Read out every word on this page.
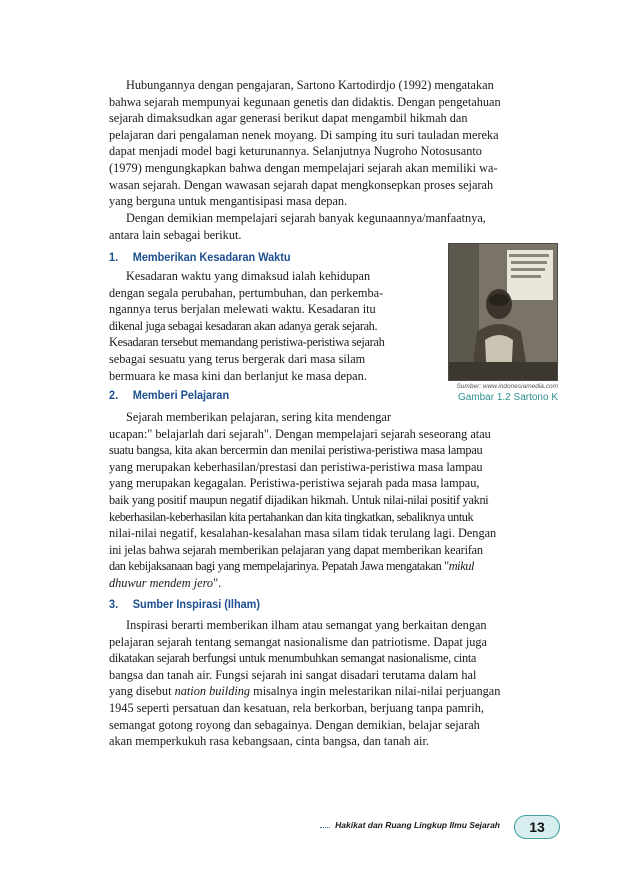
Hubungannya dengan pengajaran, Sartono Kartodirdjo (1992) mengatakan

bahwa sejarah mempunyai kegunaan genetis dan didaktis. Dengan pengetahuan
sejarah dimaksudkan agar generasi berikut dapat mengambil hikmah dan
pelajaran dari pengalaman nenek moyang. Di samping itu suri tauladan mereka
dapat menjadi model bagi keturunannya. Selanjutnya Nugroho Notosusanto
(1979) mengungkapkan bahwa dengan mempelajari sejarah akan memiliki wa-
wasan sejarah. Dengan wawasan sejarah dapat mengkonsepkan proses sejarah
yang berguna untuk mengantisipasi masa depan.

Dengan demikian mempelajari sejarah banyak kegunaannya/manfaatnya,

antara lain sebagai berikut.
1. Memberikan Kesadaran Waktu

Kesadaran waktu yang dimaksud ialah kehidupan

dengan segala perubahan, pertumbuhan, dan perkemba-
ngannya terus berjalan melewati waktu. Kesadaran itu
dikenal juga sebagai kesadaran akan adanya gerak sejarah.
Kesadaran tersebut memandang peristiwa-peristiwa sejarah
sebagai sesuatu yang terus bergerak dari masa silam
bermuara ke masa kini dan berlanjut ke masa depan.
Sumber: www.indonesiamedia.com
Gambar 1.2 Sartono K
2. Memberi Pelajaran

Sejarah memberikan pelajaran, sering kita mendengar

ucapan:" belajarlah dari sejarah". Dengan mempelajari sejarah seseorang atau
suatu bangsa, kita akan bercermin dan menilai peristiwa-peristiwa masa lampau
yang merupakan keberhasilan/prestasi dan peristiwa-peristiwa masa lampau
yang merupakan kegagalan. Peristiwa-peristiwa sejarah pada masa lampau,
baik yang positif maupun negatif dijadikan hikmah. Untuk nilai-nilai positif yakni
keberhasilan-keberhasilan kita pertahankan dan kita tingkatkan, sebaliknya untuk
nilai-nilai negatif, kesalahan-kesalahan masa silam tidak terulang lagi. Dengan
ini jelas bahwa sejarah memberikan pelajaran yang dapat memberikan kearifan
dan kebijaksanaan bagi yang mempelajarinya. Pepatah Jawa mengatakan "mikul
dhuwur mendem jero".
3. Sumber Inspirasi (Ilham)

Inspirasi berarti memberikan ilham atau semangat yang berkaitan dengan

pelajaran sejarah tentang semangat nasionalisme dan patriotisme. Dapat juga
dikatakan sejarah berfungsi untuk menumbuhkan semangat nasionalisme, cinta
bangsa dan tanah air. Fungsi sejarah ini sangat disadari terutama dalam hal
yang disebut nation building misalnya ingin melestarikan nilai-nilai perjuangan
1945 seperti persatuan dan kesatuan, rela berkorban, berjuang tanpa pamrih,
semangat gotong royong dan sebagainya. Dengan demikian, belajar sejarah
akan memperkukuh rasa kebangsaan, cinta bangsa, dan tanah air.
Hakikat dan Ruang Lingkup Ilmu Sejarah	13
